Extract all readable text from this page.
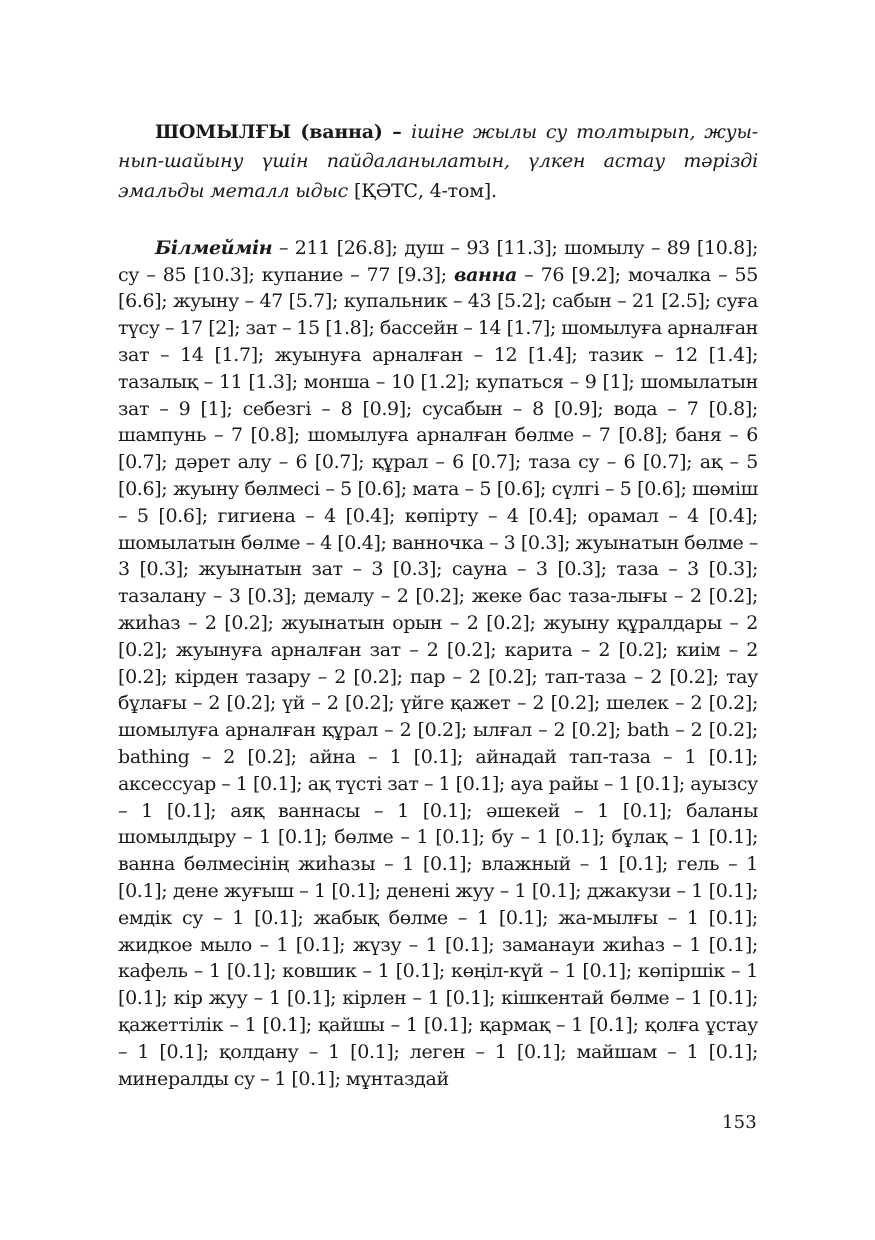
ШОМЫЛҒЫ (ванна) – ішіне жылы су толтырып, жуы-нып-шайыну үшін пайдаланылатын, үлкен астау тәрізді эмальды металл ыдыс [ҚӘТС, 4-том].

Білмеймін – 211 [26.8]; душ – 93 [11.3]; шомылу – 89 [10.8]; су – 85 [10.3]; купание – 77 [9.3]; ванна – 76 [9.2]; мочалка – 55 [6.6]; жуыну – 47 [5.7]; купальник – 43 [5.2]; сабын – 21 [2.5]; суға түсу – 17 [2]; зат – 15 [1.8]; бассейн – 14 [1.7]; шомылуға арналған зат – 14 [1.7]; жуынуға арналған – 12 [1.4]; тазик – 12 [1.4]; тазалық – 11 [1.3]; монша – 10 [1.2]; купаться – 9 [1]; шомылатын зат – 9 [1]; себезгі – 8 [0.9]; сусабын – 8 [0.9]; вода – 7 [0.8]; шампунь – 7 [0.8]; шомылуға арналған бөлме – 7 [0.8]; баня – 6 [0.7]; дәрет алу – 6 [0.7]; құрал – 6 [0.7]; таза су – 6 [0.7]; ақ – 5 [0.6]; жуыну бөлмесі – 5 [0.6]; мата – 5 [0.6]; сүлгі – 5 [0.6]; шөміш – 5 [0.6]; гигиена – 4 [0.4]; көпірту – 4 [0.4]; орамал – 4 [0.4]; шомылатын бөлме – 4 [0.4]; ванночка – 3 [0.3]; жуынатын бөлме – 3 [0.3]; жуынатын зат – 3 [0.3]; сауна – 3 [0.3]; таза – 3 [0.3]; тазалану – 3 [0.3]; демалу – 2 [0.2]; жеке бас таза-лығы – 2 [0.2]; жиһаз – 2 [0.2]; жуынатын орын – 2 [0.2]; жуыну құралдары – 2 [0.2]; жуынуға арналған зат – 2 [0.2]; карита – 2 [0.2]; киім – 2 [0.2]; кірден тазару – 2 [0.2]; пар – 2 [0.2]; тап-таза – 2 [0.2]; тау бұлағы – 2 [0.2]; үй – 2 [0.2]; үйге қажет – 2 [0.2]; шелек – 2 [0.2]; шомылуға арналған құрал – 2 [0.2]; ылғал – 2 [0.2]; bath – 2 [0.2]; bathing – 2 [0.2]; айна – 1 [0.1]; айнадай тап-таза – 1 [0.1]; аксессуар – 1 [0.1]; ақ түсті зат – 1 [0.1]; ауа райы – 1 [0.1]; ауызсу – 1 [0.1]; аяқ ваннасы – 1 [0.1]; әшекей – 1 [0.1]; баланы шомылдыру – 1 [0.1]; бөлме – 1 [0.1]; бу – 1 [0.1]; бұлақ – 1 [0.1]; ванна бөлмесінің жиһазы – 1 [0.1]; влажный – 1 [0.1]; гель – 1 [0.1]; дене жуғыш – 1 [0.1]; денені жуу – 1 [0.1]; джакузи – 1 [0.1]; емдік су – 1 [0.1]; жабық бөлме – 1 [0.1]; жа-мылғы – 1 [0.1]; жидкое мыло – 1 [0.1]; жүзу – 1 [0.1]; заманауи жиһаз – 1 [0.1]; кафель – 1 [0.1]; ковшик – 1 [0.1]; көңіл-күй – 1 [0.1]; көпіршік – 1 [0.1]; кір жуу – 1 [0.1]; кірлен – 1 [0.1]; кішкентай бөлме – 1 [0.1]; қажеттілік – 1 [0.1]; қайшы – 1 [0.1]; қармақ – 1 [0.1]; қолға ұстау – 1 [0.1]; қолдану – 1 [0.1]; леген – 1 [0.1]; майшам – 1 [0.1]; минералды су – 1 [0.1]; мұнтаздай

153
